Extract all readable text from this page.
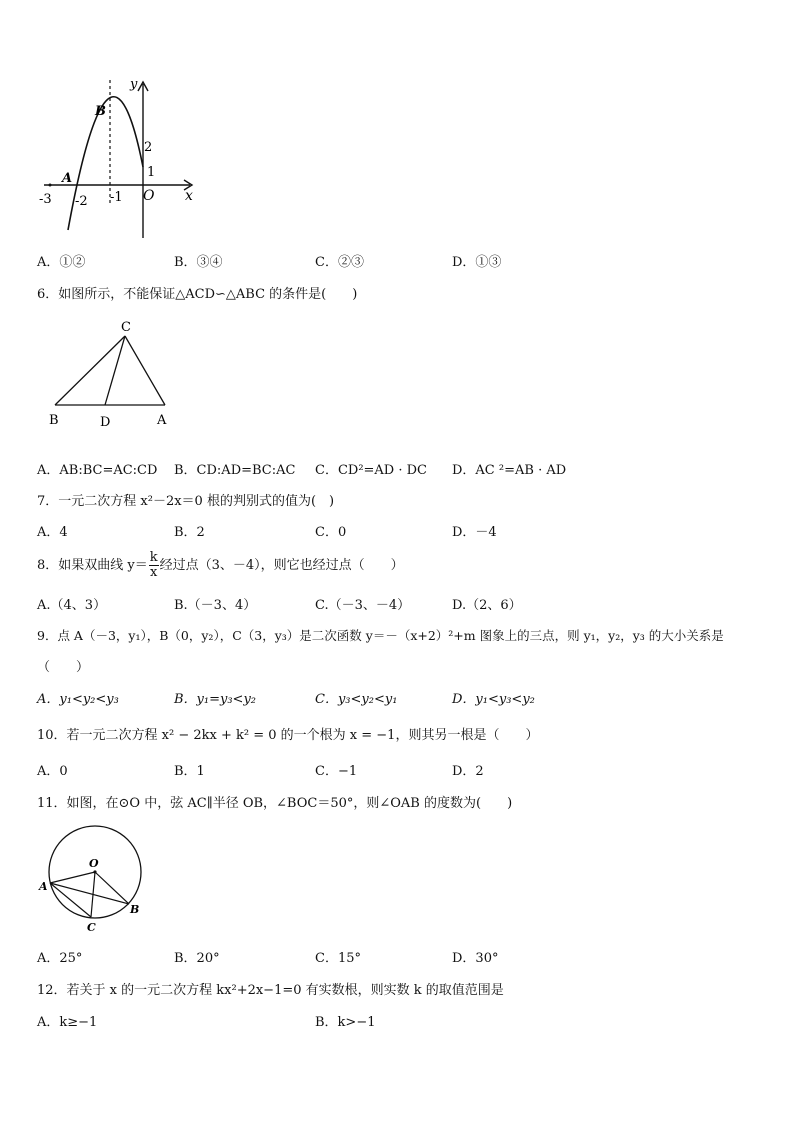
y
x
B
A
O
-3 -2 -1
2
1
A．①②	B．③④	C．②③	D．①③
6．如图所示，不能保证△ACD∽△ABC 的条件是(　　)
C
B	D	A
A．AB:BC=AC:CD B．CD:AD=BC:AC C．CD²=AD · DC D．AC ²=AB · AD
7．一元二次方程 x²－2x＝0 根的判别式的值为(　)
A．4	B．2	C．0	D．－4
8．如果双曲线 $y= \frac{k}{x}$ 经过点（3、－4），则它也经过点（　　）
A.（4、3）	B.（－3、4）	C.（－3、－4）	D.（2、6）
9．点 A（－3，y₁），B（0，y₂），C（3，y₃）是二次函数 y＝－（x+2）²+m 图象上的三点，则 y₁，y₂，y₃ 的大小关系是
（　　）
A．y₁<y₂<y₃	B．y₁=y₃<y₂	C．y₃<y₂<y₁	D．y₁<y₃<y₂
10．若一元二次方程 x² − 2kx + k² = 0 的一个根为 x = −1，则其另一根是（　　）
A．0	B．1	C．−1	D．2
11．如图，在⊙O 中，弦 AC∥半径 OB，∠BOC＝50°，则∠OAB 的度数为(　　)
O
A
B
C
A．25°	B．20°	C．15°	D．30°
12．若关于 x 的一元二次方程 kx²+2x−1=0 有实数根，则实数 k 的取值范围是
A．k≥−1	B．k>−1
